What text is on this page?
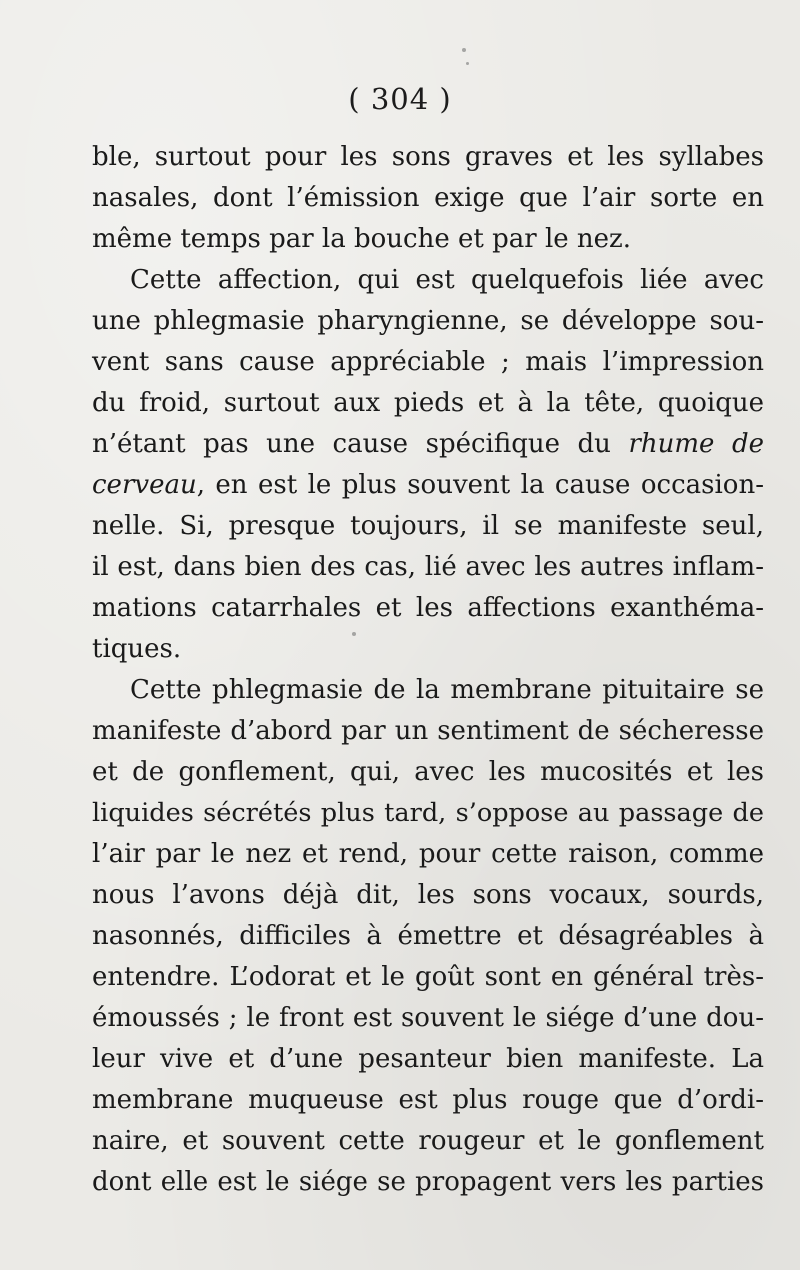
( 304 )
ble, surtout pour les sons graves et les syllabes
nasales, dont l’émission exige que l’air sorte en
même temps par la bouche et par le nez.
Cette affection, qui est quelquefois liée avec
une phlegmasie pharyngienne, se développe sou-
vent sans cause appréciable ; mais l’impression
du froid, surtout aux pieds et à la tête, quoique
n’étant pas une cause spécifique du rhume de
cerveau, en est le plus souvent la cause occasion-
nelle. Si, presque toujours, il se manifeste seul,
il est, dans bien des cas, lié avec les autres inflam-
mations catarrhales et les affections exanthéma-
tiques.
Cette phlegmasie de la membrane pituitaire se
manifeste d’abord par un sentiment de sécheresse
et de gonflement, qui, avec les mucosités et les
liquides sécrétés plus tard, s’oppose au passage de
l’air par le nez et rend, pour cette raison, comme
nous l’avons déjà dit, les sons vocaux, sourds,
nasonnés, difficiles à émettre et désagréables à
entendre. L’odorat et le goût sont en général très-
émoussés ; le front est souvent le siége d’une dou-
leur vive et d’une pesanteur bien manifeste. La
membrane muqueuse est plus rouge que d’ordi-
naire, et souvent cette rougeur et le gonflement
dont elle est le siége se propagent vers les parties
